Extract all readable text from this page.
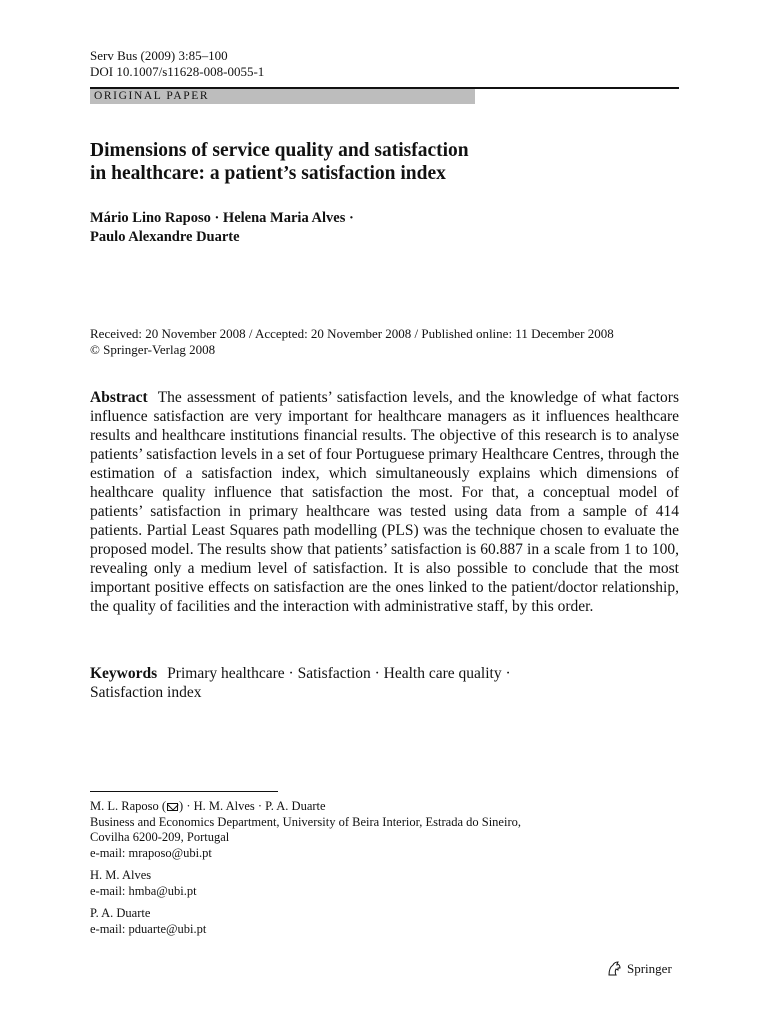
Serv Bus (2009) 3:85–100
DOI 10.1007/s11628-008-0055-1
ORIGINAL PAPER
Dimensions of service quality and satisfaction
in healthcare: a patient’s satisfaction index
Mário Lino Raposo · Helena Maria Alves ·
Paulo Alexandre Duarte
Received: 20 November 2008 / Accepted: 20 November 2008 / Published online: 11 December 2008
© Springer-Verlag 2008
Abstract The assessment of patients’ satisfaction levels, and the knowledge of what factors influence satisfaction are very important for healthcare managers as it influences healthcare results and healthcare institutions financial results. The objective of this research is to analyse patients’ satisfaction levels in a set of four Portuguese primary Healthcare Centres, through the estimation of a satisfaction index, which simultaneously explains which dimensions of healthcare quality influence that satisfaction the most. For that, a conceptual model of patients’ satisfaction in primary healthcare was tested using data from a sample of 414 patients. Partial Least Squares path modelling (PLS) was the technique chosen to evaluate the proposed model. The results show that patients’ satisfaction is 60.887 in a scale from 1 to 100, revealing only a medium level of satisfaction. It is also possible to conclude that the most important positive effects on satisfaction are the ones linked to the patient/doctor relationship, the quality of facilities and the interaction with administrative staff, by this order.
Keywords Primary healthcare · Satisfaction · Health care quality ·
Satisfaction index
M. L. Raposo ( ) · H. M. Alves · P. A. Duarte
Business and Economics Department, University of Beira Interior, Estrada do Sineiro,
Covilha 6200-209, Portugal
e-mail: mraposo@ubi.pt
H. M. Alves
e-mail: hmba@ubi.pt
P. A. Duarte
e-mail: pduarte@ubi.pt
Springer
